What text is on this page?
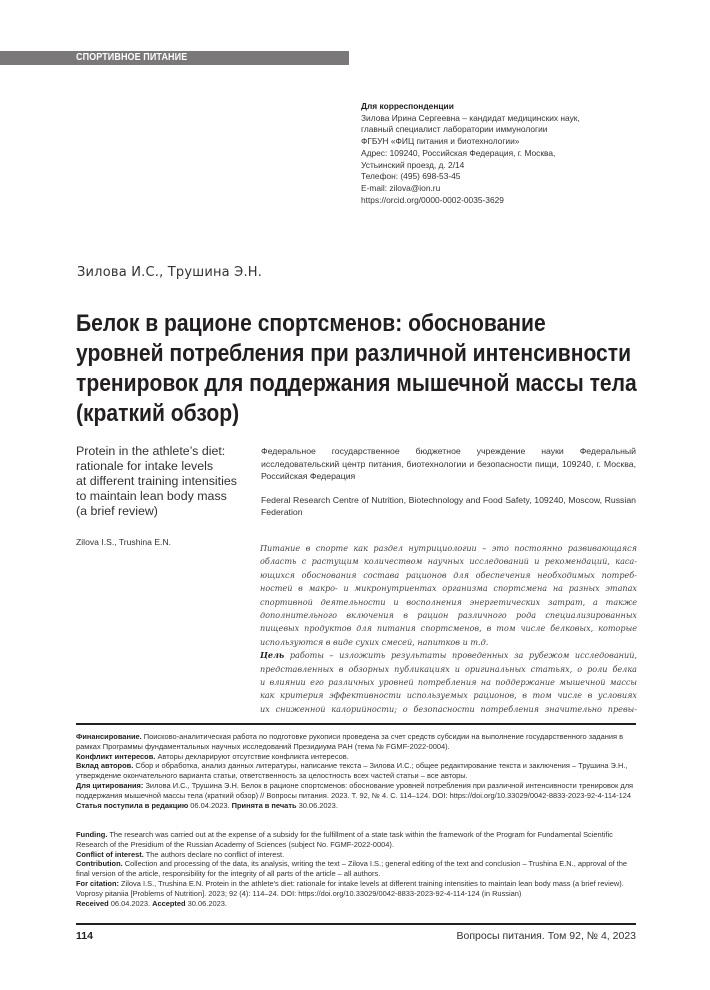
СПОРТИВНОЕ ПИТАНИЕ
Для корреспонденции
Зилова Ирина Сергеевна – кандидат медицинских наук,
главный специалист лаборатории иммунологии
ФГБУН «ФИЦ питания и биотехнологии»
Адрес: 109240, Российская Федерация, г. Москва,
Устьинский проезд, д. 2/14
Телефон: (495) 698-53-45
E-mail: zilova@ion.ru
https://orcid.org/0000-0002-0035-3629
Зилова И.С., Трушина Э.Н.
Белок в рационе спортсменов: обоснование
уровней потребления при различной интенсивности
тренировок для поддержания мышечной массы тела
(краткий обзор)
Protein in the athlete’s diet:
rationale for intake levels
at different training intensities
to maintain lean body mass
(a brief review)
Zilova I.S., Trushina E.N.

Федеральное государственное бюджетное учреждение науки Федеральный исследовательский центр питания, биотехнологии и безопасности пищи, 109240, г. Москва, Российская Федерация

Federal Research Centre of Nutrition, Biotechnology and Food Safety, 109240, Moscow, Russian Federation

Питание в спорте как раздел нутрициологии – это постоянно развивающаяся
область с растущим количеством научных исследований и рекомендаций, каса-
ющихся обоснования состава рационов для обеспечения необходимых потреб-
ностей в макро- и микронутриентах организма спортсмена на разных этапах
спортивной деятельности и восполнения энергетических затрат, а также
дополнительного включения в рацион различного рода специализированных
пищевых продуктов для питания спортсменов, в том числе белковых, которые
используются в виде сухих смесей, напитков и т.д.
Цель работы – изложить результаты проведенных за рубежом исследований,
представленных в обзорных публикациях и оригинальных статьях, о роли белка
и влиянии его различных уровней потребления на поддержание мышечной массы
как критерия эффективности используемых рационов, в том числе в условиях
их сниженной калорийности; о безопасности потребления значительно превы-

Финансирование. Поисково-аналитическая работа по подготовке рукописи проведена за счет средств субсидии на выполнение государственного задания в рамках Программы фундаментальных научных исследований Президиума РАН (тема № FGMF-2022-0004).

Конфликт интересов. Авторы декларируют отсутствие конфликта интересов.

Вклад авторов. Сбор и обработка, анализ данных литературы, написание текста – Зилова И.С.; общее редактирование текста и заключения – Трушина Э.Н., утверждение окончательного варианта статьи, ответственность за целостность всех частей статьи – все авторы.

Для цитирования: Зилова И.С., Трушина Э.Н. Белок в рационе спортсменов: обоснование уровней потребления при различной интенсивности тренировок для поддержания мышечной массы тела (краткий обзор) // Вопросы питания. 2023. Т. 92, № 4. С. 114–124. DOI: https://doi.org/10.33029/0042-8833-2023-92-4-114-124

Статья поступила в редакцию 06.04.2023. Принята в печать 30.06.2023.

Funding. The research was carried out at the expense of a subsidy for the fulfillment of a state task within the framework of the Program for Fundamental Scientific Research of the Presidium of the Russian Academy of Sciences (subject No. FGMF-2022-0004).

Conflict of interest. The authors declare no conflict of interest.

Contribution. Collection and processing of the data, its analysis, writing the text – Zilova I.S.; general editing of the text and conclusion – Trushina E.N., approval of the final version of the article, responsibility for the integrity of all parts of the article – all authors.

For citation: Zilova I.S., Trushina E.N. Protein in the athlete's diet: rationale for intake levels at different training intensities to maintain lean body mass (a brief review). Voprosy pitaniia [Problems of Nutrition]. 2023; 92 (4): 114–24. DOI: https://doi.org/10.33029/0042-8833-2023-92-4-114-124 (in Russian)

Received 06.04.2023. Accepted 30.06.2023.

114	Вопросы питания. Том 92, № 4, 2023
